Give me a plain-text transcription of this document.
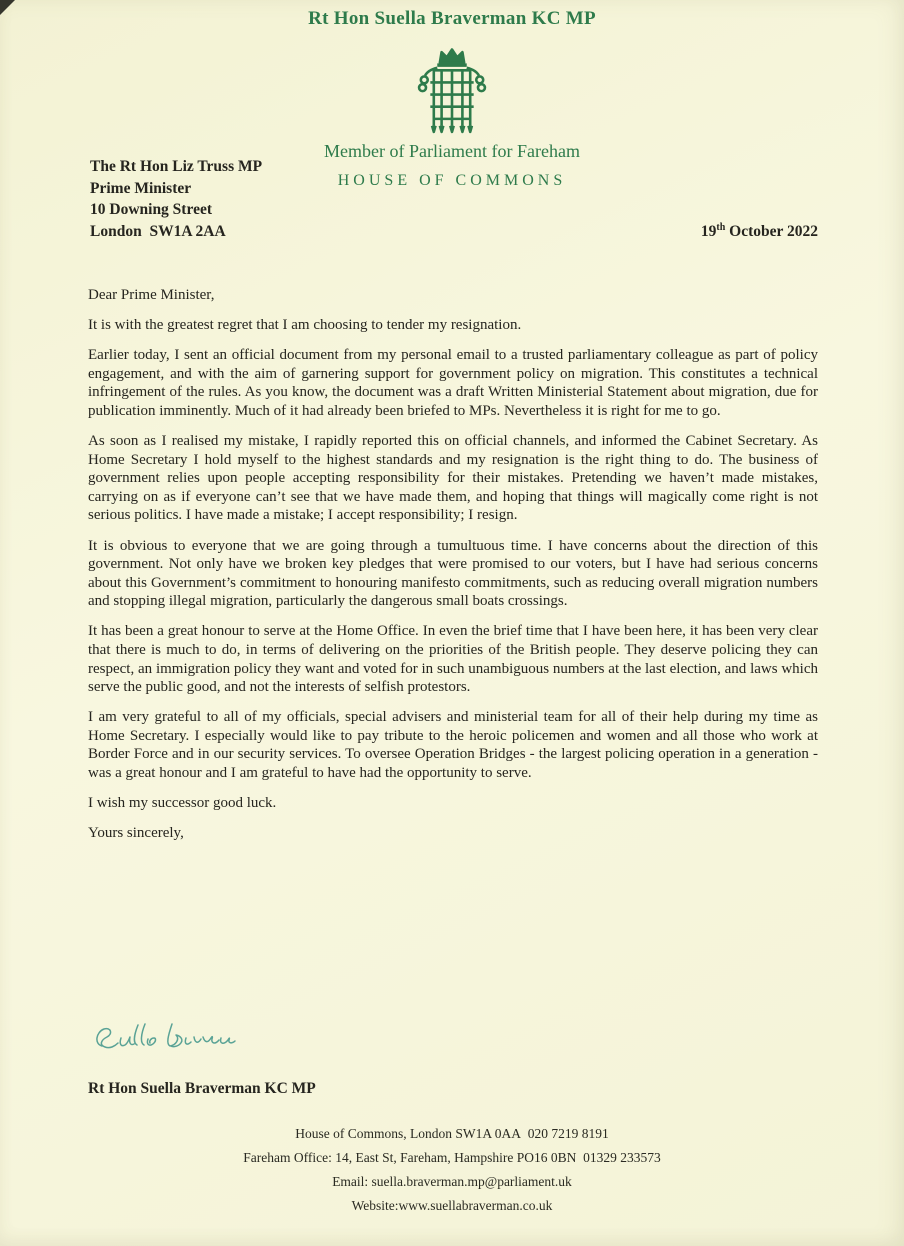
Rt Hon Suella Braverman KC MP
Member of Parliament for Fareham
HOUSE OF COMMONS
The Rt Hon Liz Truss MP
Prime Minister
10 Downing Street
London  SW1A 2AA	19th October 2022

Dear Prime Minister,

It is with the greatest regret that I am choosing to tender my resignation.

Earlier today, I sent an official document from my personal email to a trusted parliamentary colleague as part of policy engagement, and with the aim of garnering support for government policy on migration. This constitutes a technical infringement of the rules. As you know, the document was a draft Written Ministerial Statement about migration, due for publication imminently. Much of it had already been briefed to MPs. Nevertheless it is right for me to go.

As soon as I realised my mistake, I rapidly reported this on official channels, and informed the Cabinet Secretary. As Home Secretary I hold myself to the highest standards and my resignation is the right thing to do. The business of government relies upon people accepting responsibility for their mistakes. Pretending we haven’t made mistakes, carrying on as if everyone can’t see that we have made them, and hoping that things will magically come right is not serious politics. I have made a mistake; I accept responsibility; I resign.

It is obvious to everyone that we are going through a tumultuous time. I have concerns about the direction of this government. Not only have we broken key pledges that were promised to our voters, but I have had serious concerns about this Government’s commitment to honouring manifesto commitments, such as reducing overall migration numbers and stopping illegal migration, particularly the dangerous small boats crossings.

It has been a great honour to serve at the Home Office. In even the brief time that I have been here, it has been very clear that there is much to do, in terms of delivering on the priorities of the British people. They deserve policing they can respect, an immigration policy they want and voted for in such unambiguous numbers at the last election, and laws which serve the public good, and not the interests of selfish protestors.

I am very grateful to all of my officials, special advisers and ministerial team for all of their help during my time as Home Secretary. I especially would like to pay tribute to the heroic policemen and women and all those who work at Border Force and in our security services. To oversee Operation Bridges - the largest policing operation in a generation - was a great honour and I am grateful to have had the opportunity to serve.

I wish my successor good luck.

Yours sincerely,

Rt Hon Suella Braverman KC MP
House of Commons, London SW1A 0AA  020 7219 8191
Fareham Office: 14, East St, Fareham, Hampshire PO16 0BN  01329 233573
Email: suella.braverman.mp@parliament.uk
Website:www.suellabraverman.co.uk
